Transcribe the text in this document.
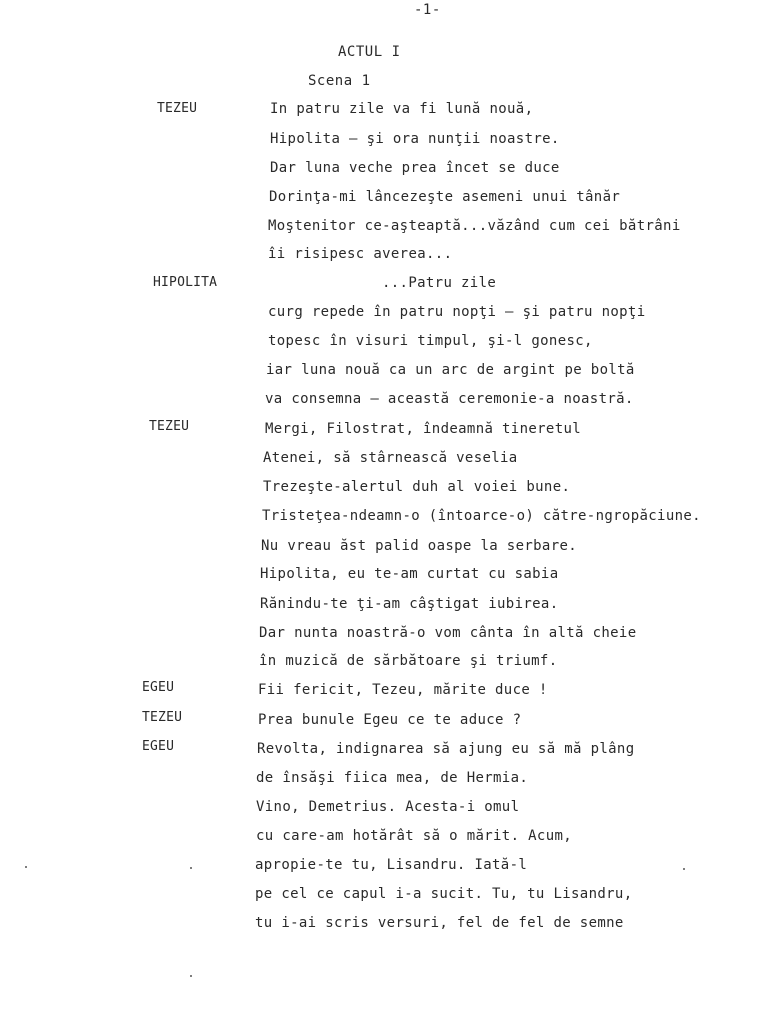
-1-
ACTUL I
Scena 1
TEZEU
HIPOLITA
TEZEU
EGEU
TEZEU
EGEU
In patru zile va fi lună nouă,
Hipolita – şi ora nunţii noastre.
Dar luna veche prea încet se duce
Dorinţa-mi lâncezeşte asemeni unui tânăr
Moştenitor ce-aşteaptă...văzând cum cei bătrâni
îi risipesc averea...
...Patru zile
curg repede în patru nopţi – şi patru nopţi
topesc în visuri timpul, şi-l gonesc,
iar luna nouă ca un arc de argint pe boltă
va consemna – această ceremonie-a noastră.
Mergi, Filostrat, îndeamnă tineretul
Atenei, să stârnească veselia
Trezeşte-alertul duh al voiei bune.
Tristeţea-ndeamn-o (întoarce-o) către-ngropăciune.
Nu vreau ăst palid oaspe la serbare.
Hipolita, eu te-am curtat cu sabia
Rănindu-te ţi-am câştigat iubirea.
Dar nunta noastră-o vom cânta în altă cheie
în muzică de sărbătoare şi triumf.
Fii fericit, Tezeu, mărite duce !
Prea bunule Egeu ce te aduce ?
Revolta, indignarea să ajung eu să mă plâng
de însăşi fiica mea, de Hermia.
Vino, Demetrius. Acesta-i omul
cu care-am hotărât să o mărit. Acum,
apropie-te tu, Lisandru. Iată-l
pe cel ce capul i-a sucit. Tu, tu Lisandru,
tu i-ai scris versuri, fel de fel de semne
